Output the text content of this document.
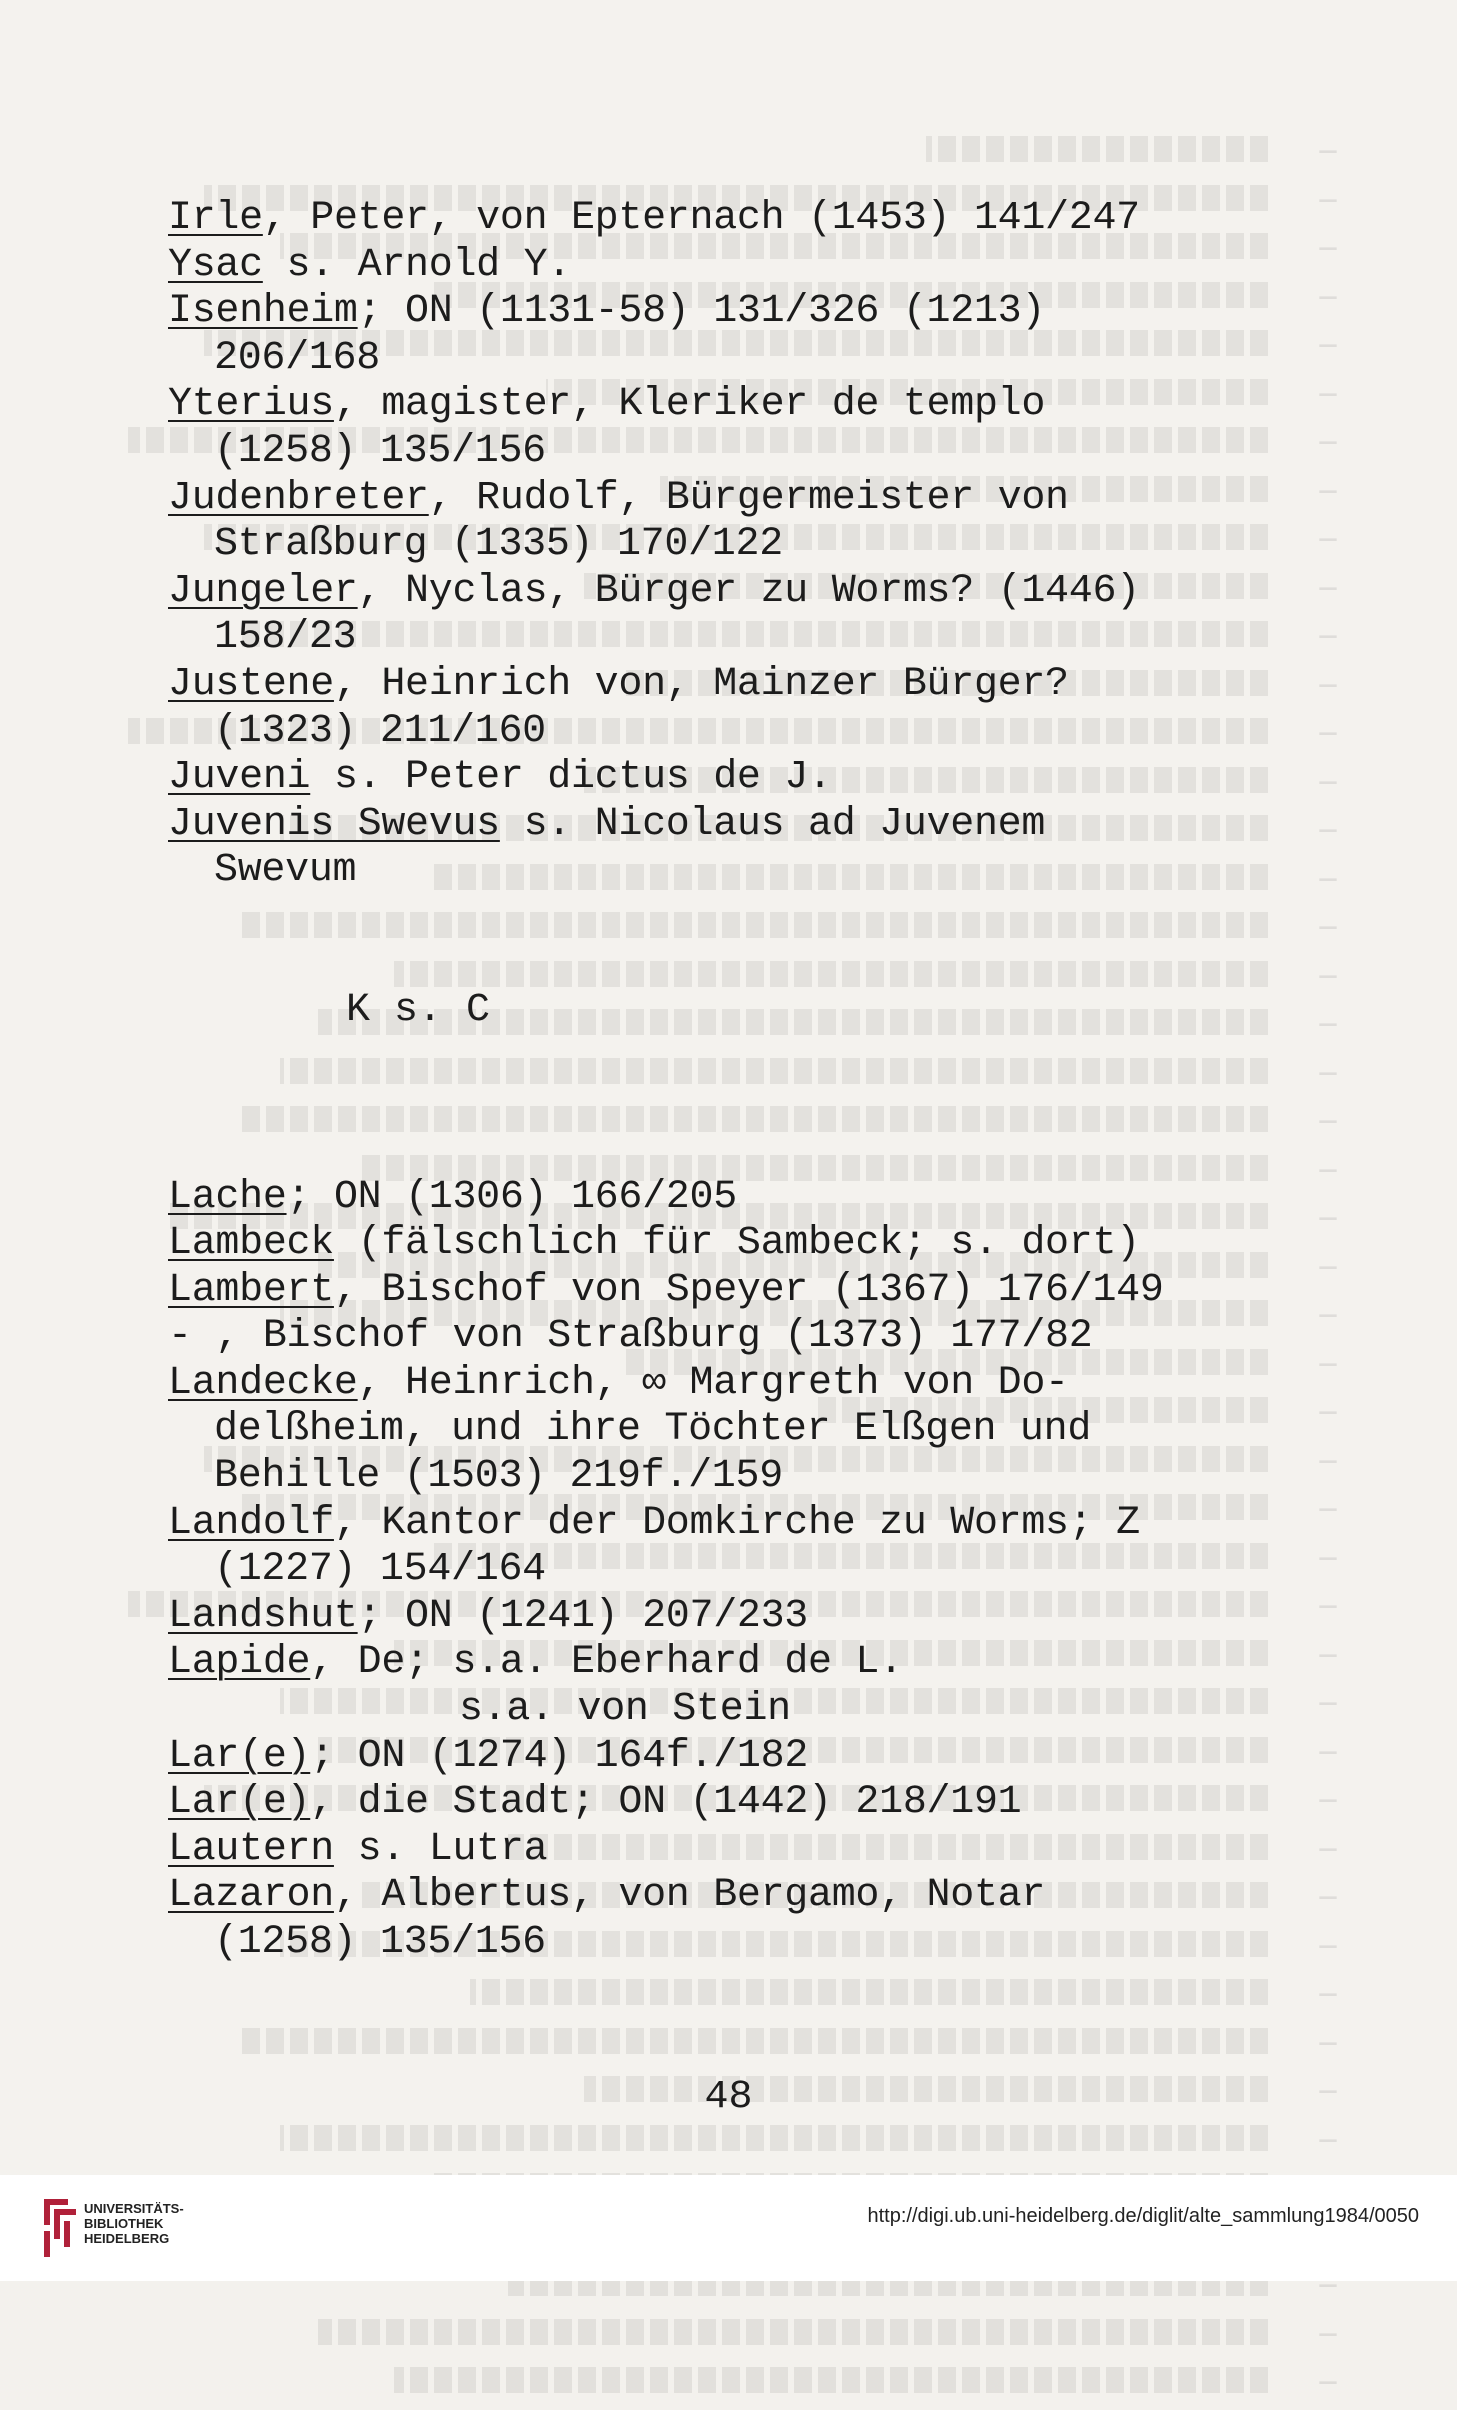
–
–
–
–
–
–
–
–
–
–
–
–
–
–
–
–
–
–
–
–
–
–
–
–
–
–
–
–
–
–
–
–
–
–
–
–
–
–
–
–
–
–
–
–
–
Irle, Peter, von Epternach (1453) 141/247
Ysac s. Arnold Y.
Isenheim; ON (1131-58) 131/326 (1213)
206/168
Yterius, magister, Kleriker de templo
(1258) 135/156
Judenbreter, Rudolf, Bürgermeister von
Straßburg (1335) 170/122
Jungeler, Nyclas, Bürger zu Worms? (1446)
158/23
Justene, Heinrich von, Mainzer Bürger?
(1323) 211/160
Juveni s. Peter dictus de J.
Juvenis Swevus s. Nicolaus ad Juvenem
Swevum
K s. C
Lache; ON (1306) 166/205
Lambeck (fälschlich für Sambeck; s. dort)
Lambert, Bischof von Speyer (1367) 176/149
- , Bischof von Straßburg (1373) 177/82
Landecke, Heinrich, ∞ Margreth von Do-
delßheim, und ihre Töchter Elßgen und
Behille (1503) 219f./159
Landolf, Kantor der Domkirche zu Worms; Z
(1227) 154/164
Landshut; ON (1241) 207/233
Lapide, De; s.a. Eberhard de L.
s.a. von Stein
Lar(e); ON (1274) 164f./182
Lar(e), die Stadt; ON (1442) 218/191
Lautern s. Lutra
Lazaron, Albertus, von Bergamo, Notar
(1258) 135/156
48
UNIVERSITÄTS-
BIBLIOTHEK
HEIDELBERG
http://digi.ub.uni-heidelberg.de/diglit/alte_sammlung1984/0050
